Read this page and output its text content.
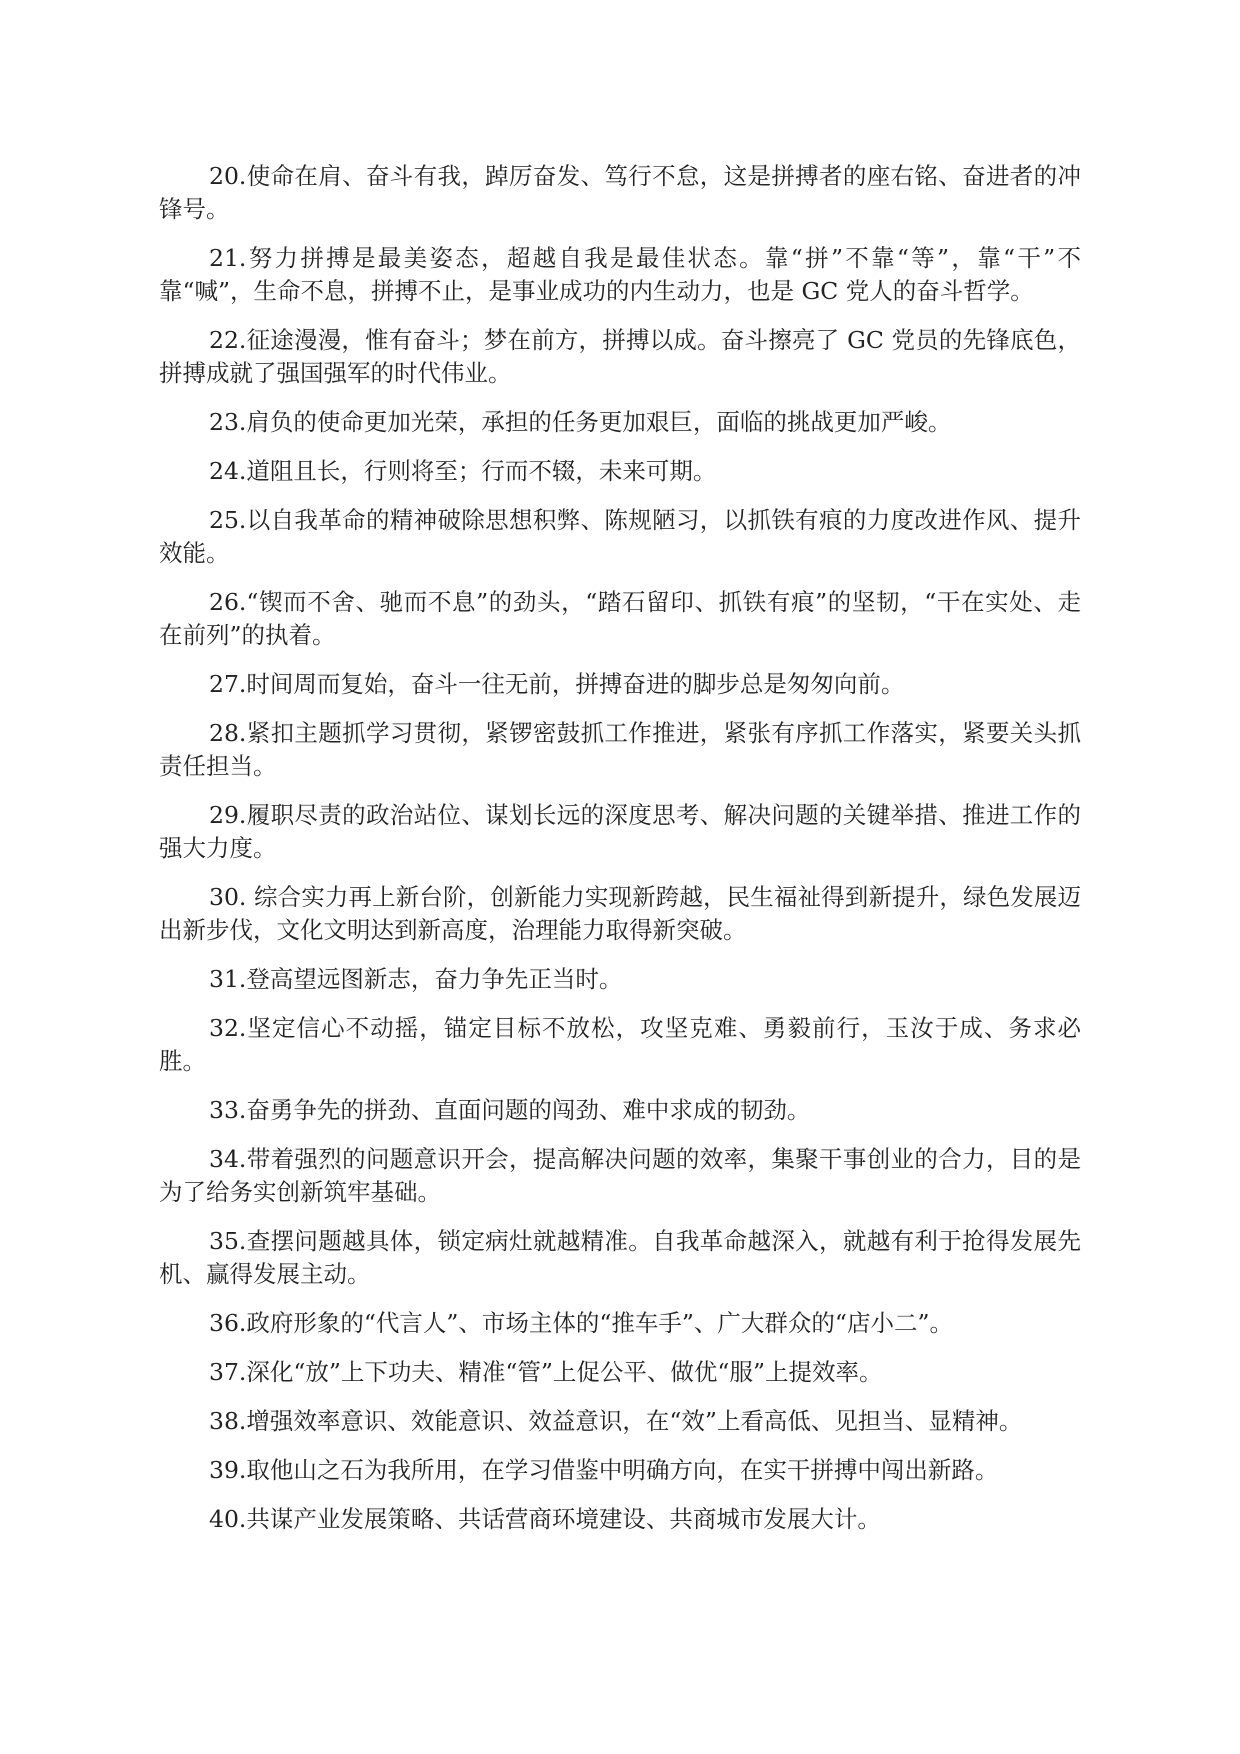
20.使命在肩、奋斗有我，踔厉奋发、笃行不怠，这是拼搏者的座右铭、奋进者的冲锋号。

21.努力拼搏是最美姿态，超越自我是最佳状态。靠“拼”不靠“等”，靠“干”不靠“喊”，生命不息，拼搏不止，是事业成功的内生动力，也是 GC 党人的奋斗哲学。

22.征途漫漫，惟有奋斗；梦在前方，拼搏以成。奋斗擦亮了 GC 党员的先锋底色，拼搏成就了强国强军的时代伟业。

23.肩负的使命更加光荣，承担的任务更加艰巨，面临的挑战更加严峻。

24.道阻且长，行则将至；行而不辍，未来可期。

25.以自我革命的精神破除思想积弊、陈规陋习，以抓铁有痕的力度改进作风、提升效能。

26.“锲而不舍、驰而不息”的劲头，“踏石留印、抓铁有痕”的坚韧，“干在实处、走在前列”的执着。

27.时间周而复始，奋斗一往无前，拼搏奋进的脚步总是匆匆向前。

28.紧扣主题抓学习贯彻，紧锣密鼓抓工作推进，紧张有序抓工作落实，紧要关头抓责任担当。

29.履职尽责的政治站位、谋划长远的深度思考、解决问题的关键举措、推进工作的强大力度。

30. 综合实力再上新台阶，创新能力实现新跨越，民生福祉得到新提升，绿色发展迈出新步伐，文化文明达到新高度，治理能力取得新突破。

31.登高望远图新志，奋力争先正当时。

32.坚定信心不动摇，锚定目标不放松，攻坚克难、勇毅前行，玉汝于成、务求必胜。

33.奋勇争先的拼劲、直面问题的闯劲、难中求成的韧劲。

34.带着强烈的问题意识开会，提高解决问题的效率，集聚干事创业的合力，目的是为了给务实创新筑牢基础。

35.查摆问题越具体，锁定病灶就越精准。自我革命越深入，就越有利于抢得发展先机、赢得发展主动。

36.政府形象的“代言人”、市场主体的“推车手”、广大群众的“店小二”。

37.深化“放”上下功夫、精准“管”上促公平、做优“服”上提效率。

38.增强效率意识、效能意识、效益意识，在“效”上看高低、见担当、显精神。

39.取他山之石为我所用，在学习借鉴中明确方向，在实干拼搏中闯出新路。

40.共谋产业发展策略、共话营商环境建设、共商城市发展大计。
